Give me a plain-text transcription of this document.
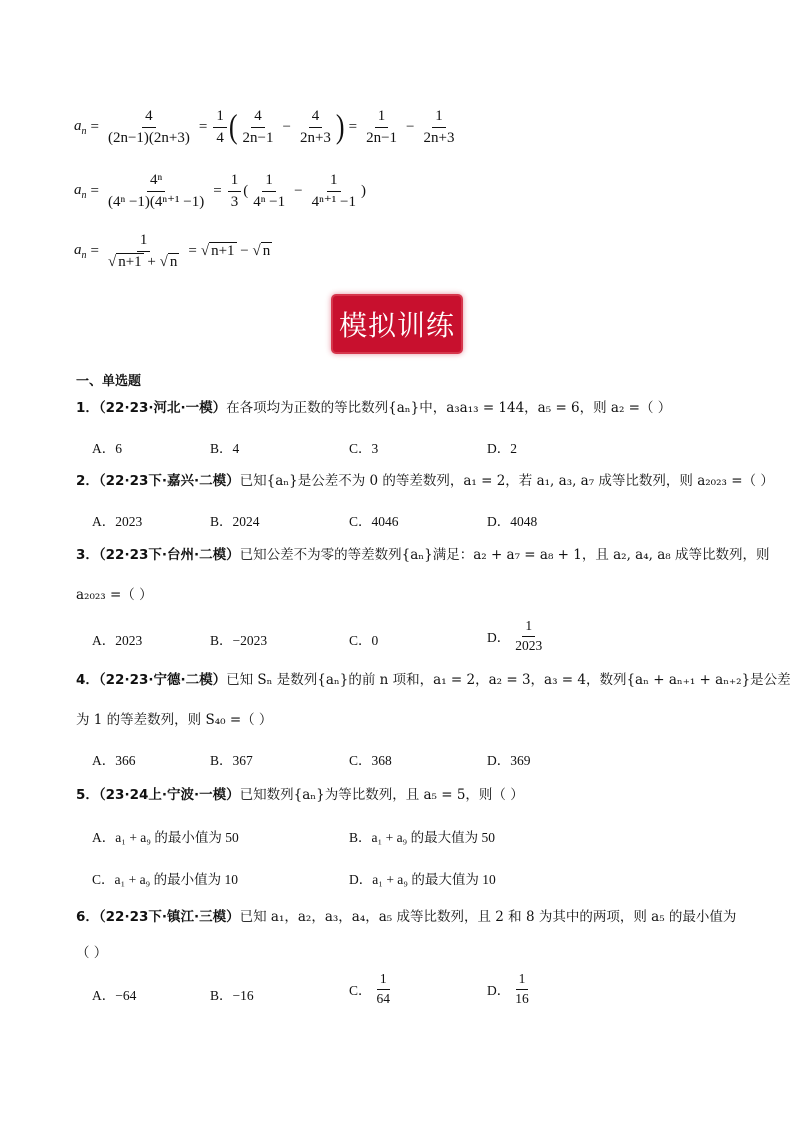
$a_n = \frac{4}{(2n-1)(2n+3)} = \frac{1}{4}$ ( $\frac{4}{2n-1} - \frac{4}{2n+3}$ ) = $\frac{1}{2n-1} - \frac{1}{2n+3}$
$a_n = \frac{\text{4ⁿ}}{\text{(4ⁿ −1)(4ⁿ⁺¹ −1)}} = \frac{1}{3}$ ( $\frac{1}{\text{4ⁿ −1}} - \frac{1}{\text{4ⁿ⁺¹ −1}}$ )
$a_n = \frac{1}{√ n+1 + √ n}$ = √ n+1 − √ n
模拟训练
一、单选题
1．（22·23·河北·一模）在各项均为正数的等比数列{aₙ}中，a₃a₁₃ = 144，a₅ = 6，则 a₂ =（ ）
A．6	B．4	C．3	D．2
2．（22·23下·嘉兴·二模）已知{aₙ}是公差不为 0 的等差数列，a₁ = 2，若 a₁, a₃, a₇ 成等比数列，则 a₂₀₂₃ =（ ）
A．2023	B．2024	C．4046	D．4048
3．（22·23下·台州·二模）已知公差不为零的等差数列{aₙ}满足：a₂ + a₇ = a₈ + 1，且 a₂, a₄, a₈ 成等比数列，则
a₂₀₂₃ =（ ）
A．2023	B．−2023	C．0	D． $\frac{1}{2023}$
4．（22·23·宁德·二模）已知 Sₙ 是数列{aₙ}的前 n 项和，a₁ = 2，a₂ = 3，a₃ = 4，数列{aₙ + aₙ₊₁ + aₙ₊₂}是公差
为 1 的等差数列，则 S₄₀ =（ ）
A．366	B．367	C．368	D．369
5．（23·24上·宁波·一模）已知数列{aₙ}为等比数列，且 a₅ = 5，则（ ）
A．a₁ + a₉ 的最小值为 50	B．a₁ + a₉ 的最大值为 50
C．a₁ + a₉ 的最小值为 10	D．a₁ + a₉ 的最大值为 10
6．（22·23下·镇江·三模）已知 a₁，a₂，a₃，a₄，a₅ 成等比数列，且 2 和 8 为其中的两项，则 a₅ 的最小值为
（ ）
A．−64	B．−16	C． $\frac{1}{64}$	D． $\frac{1}{16}$
